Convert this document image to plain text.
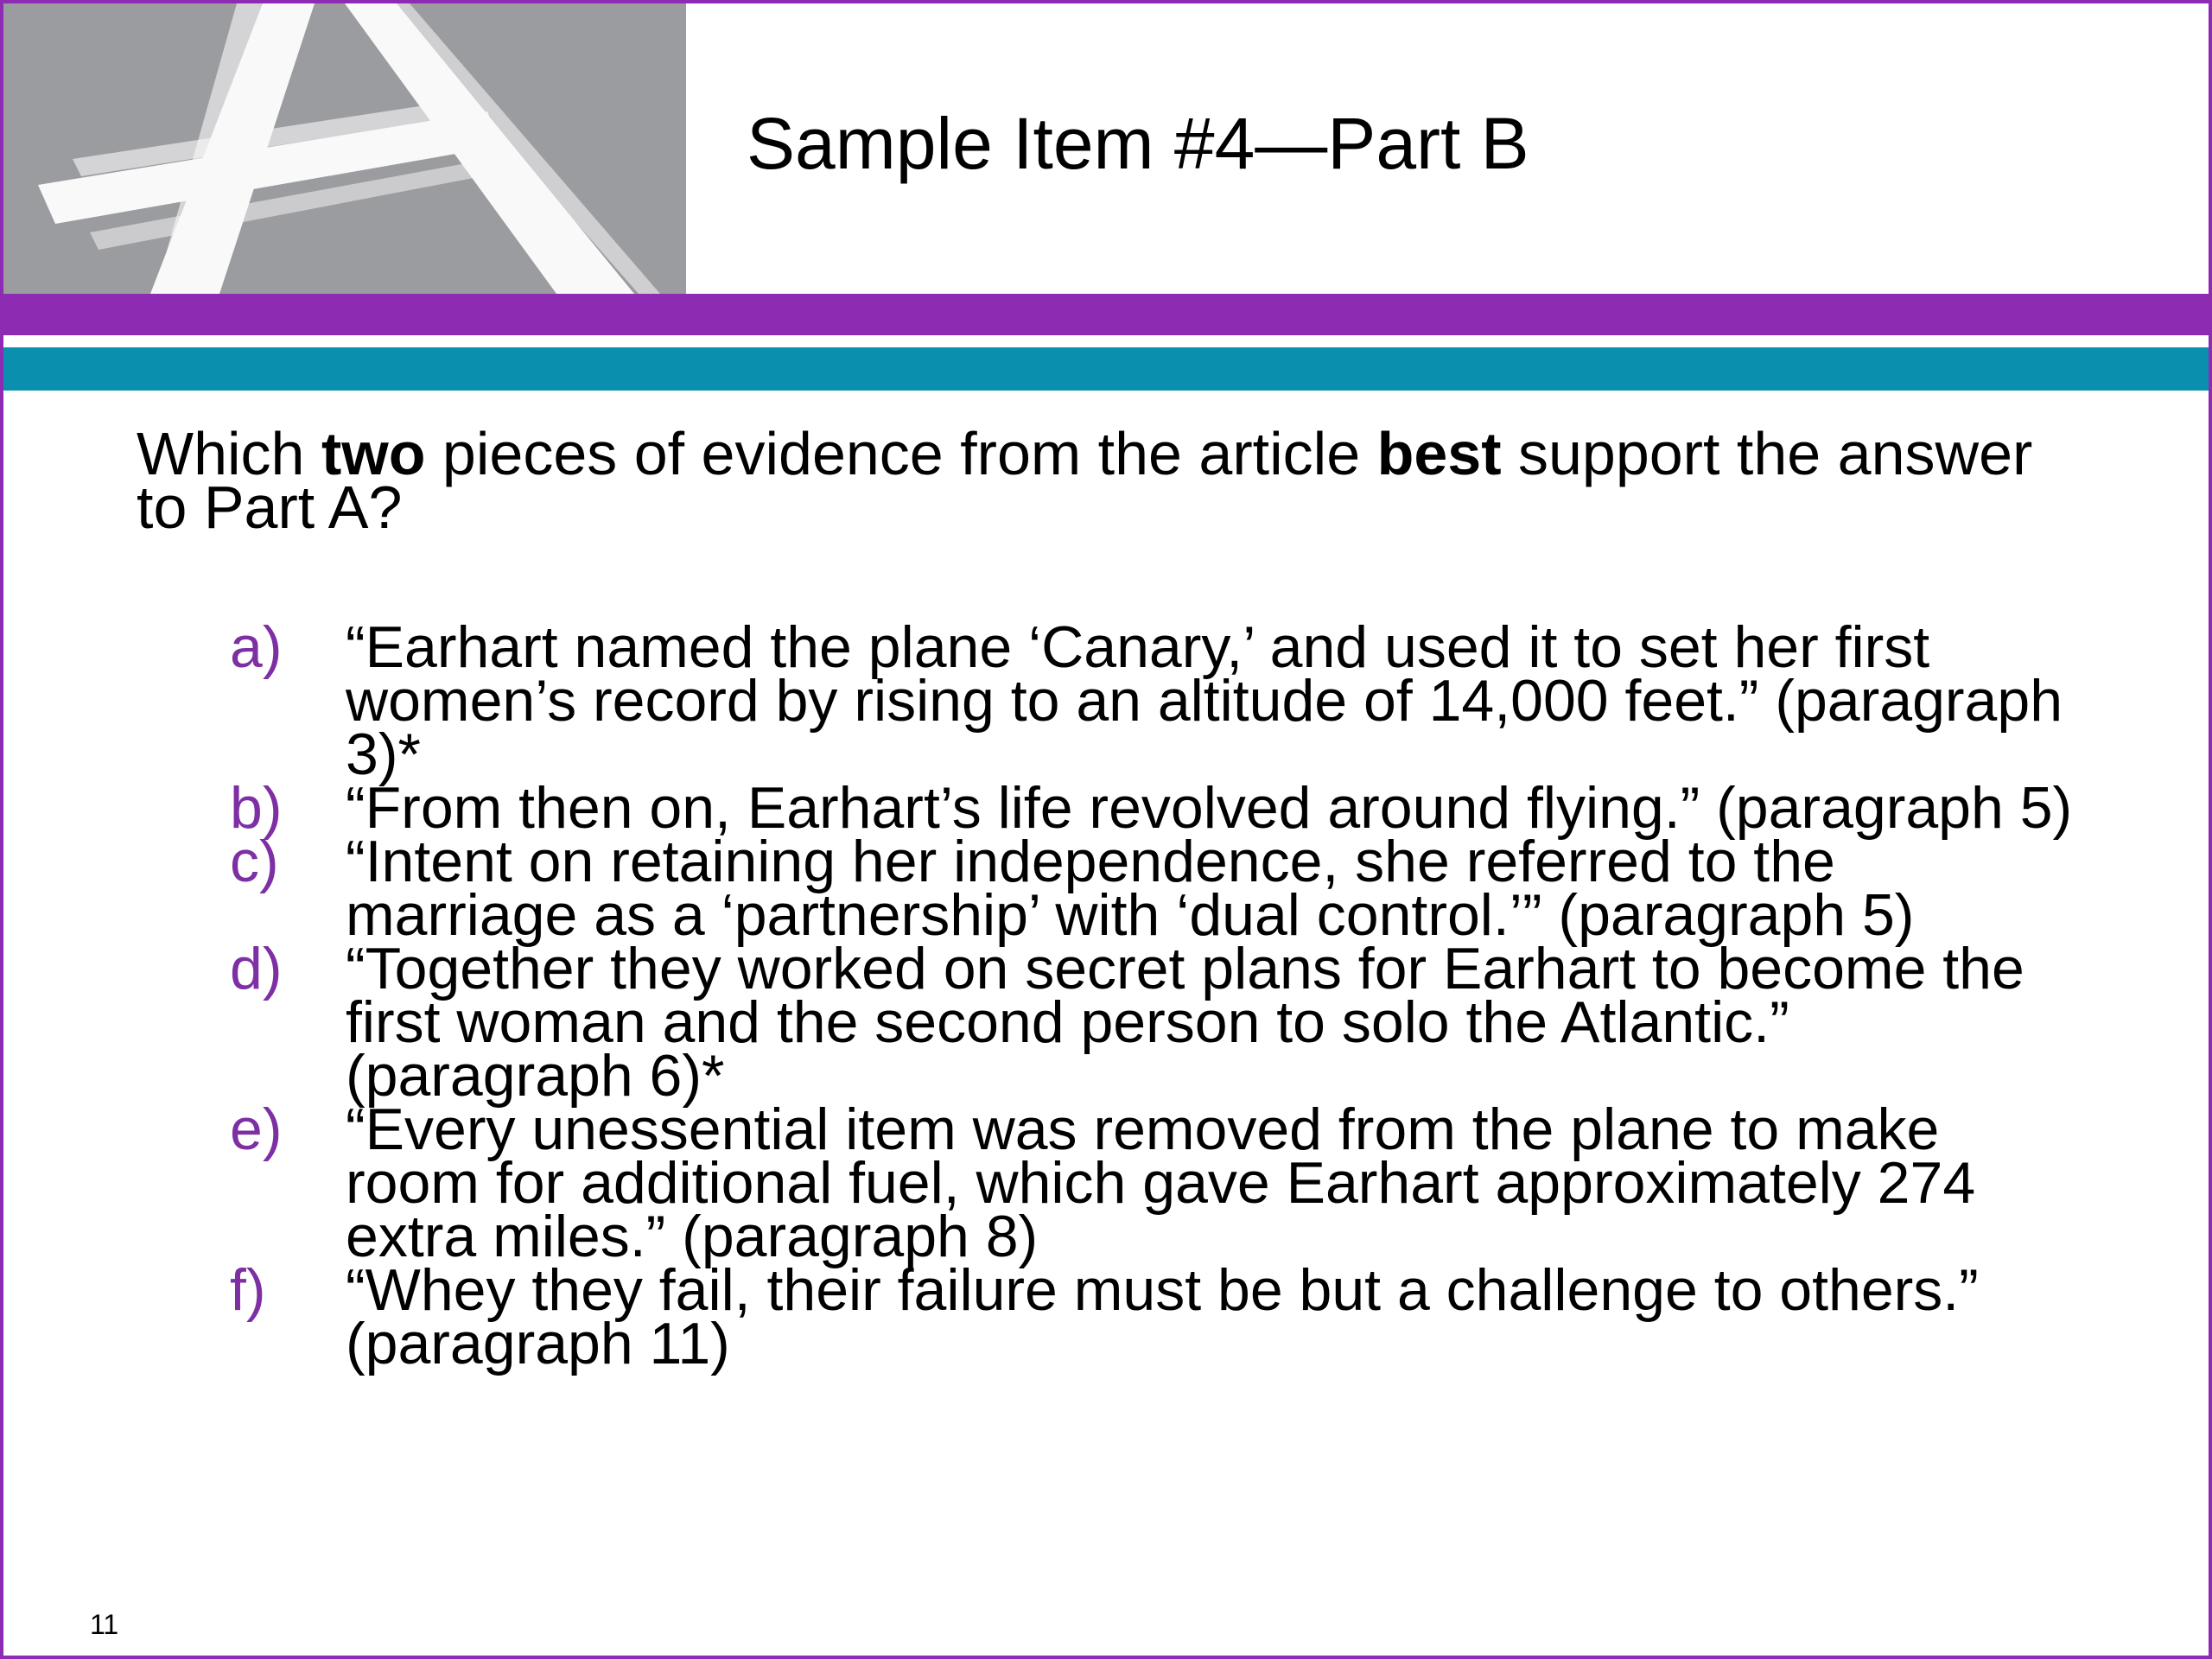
Sample Item #4—Part B
Which two pieces of evidence from the article best support the answer to Part A?
a)	“Earhart named the plane ‘Canary,’ and used it to set her first women’s record by rising to an altitude of 14,000 feet.” (paragraph 3)*
b)	“From then on, Earhart’s life revolved around flying.” (paragraph 5)
c)	“Intent on retaining her independence, she referred to the marriage as a ‘partnership’ with ‘dual control.’” (paragraph 5)
d)	“Together they worked on secret plans for Earhart to become the first woman and the second person to solo the Atlantic.” (paragraph 6)*
e)	“Every unessential item was removed from the plane to make room for additional fuel, which gave Earhart approximately 274 extra miles.” (paragraph 8)
f)	“Whey they fail, their failure must be but a challenge to others.” (paragraph 11)
11
